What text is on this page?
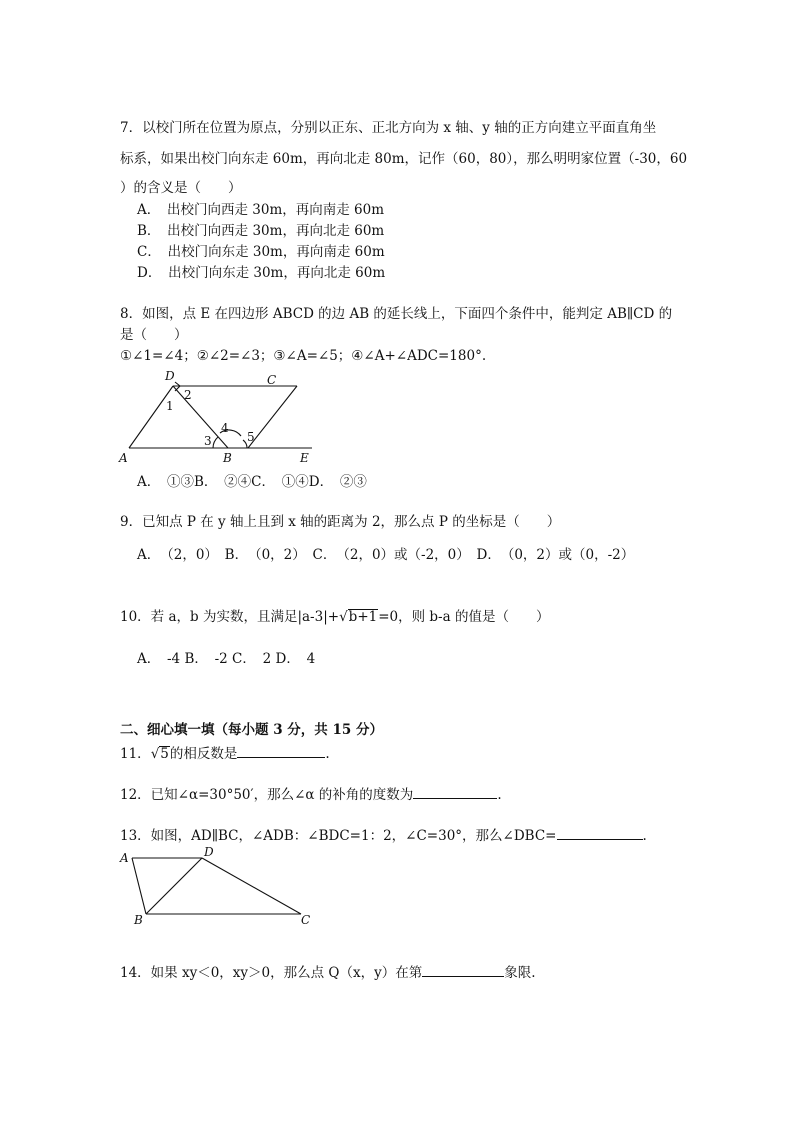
7．以校门所在位置为原点，分别以正东、正北方向为 x 轴、y 轴的正方向建立平面直角坐
标系，如果出校门向东走 60m，再向北走 80m，记作（60，80），那么明明家位置（-30，60
）的含义是（　　）
A．　出校门向西走 30m，再向南走 60m
B．　出校门向西走 30m，再向北走 60m
C．　出校门向东走 30m，再向南走 60m
D．　出校门向东走 30m，再向北走 60m
8．如图，点 E 在四边形 ABCD 的边 AB 的延长线上，下面四个条件中，能判定 AB∥CD 的
是（　　）
①∠1=∠4；②∠2=∠3；③∠A=∠5；④∠A+∠ADC=180°.
D	C
A	B	E
1
2
3
4
5
A．　①③B．　②④C．　①④D．　②③
9．已知点 P 在 y 轴上且到 x 轴的距离为 2，那么点 P 的坐标是（　　）
A．　（2，0）　B．　（0，2）　C．　（2，0）或（-2，0）　D．　（0，2）或（0，-2）
10．若 a，b 为实数，且满足|a-3|+√b+1=0，则 b-a 的值是（　　）
A．　-4 B．　-2 C．　2 D．　4
二、细心填一填（每小题 3 分，共 15 分）
11．√5的相反数是	.
12．已知∠α=30°50′，那么∠α 的补角的度数为	.
13．如图，AD∥BC，∠ADB：∠BDC=1：2，∠C=30°，那么∠DBC=	.
A	D
B	C
14．如果 xy＜0，xy＞0，那么点 Q（x，y）在第	象限.
